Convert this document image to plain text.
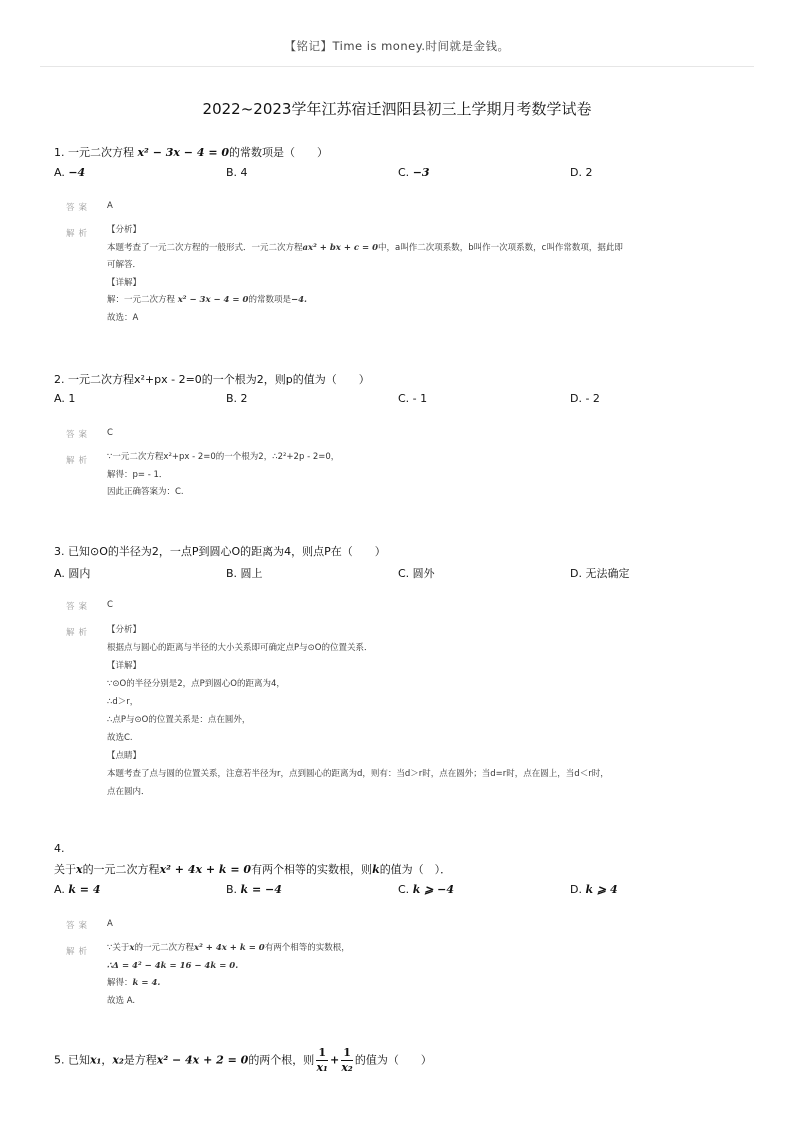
【铭记】Time is money.时间就是金钱。
2022~2023学年江苏宿迁泗阳县初三上学期月考数学试卷
1. 一元二次方程 x² − 3x − 4 = 0的常数项是（　　）
A. −4	B. 4	C. −3	D. 2
答案 A
解析 【分析】
本题考查了一元二次方程的一般形式．一元二次方程ax² + bx + c = 0中，a叫作二次项系数，b叫作一次项系数，c叫作常数项，据此即
可解答．
【详解】
解：一元二次方程 x² − 3x − 4 = 0的常数项是−4.
故选：A
2. 一元二次方程x²+px - 2=0的一个根为2，则p的值为（　　）
A. 1	B. 2	C. - 1	D. - 2
答案 C
解析 ∵一元二次方程x²+px - 2=0的一个根为2，∴2²+2p - 2=0，
解得：p= - 1．
因此正确答案为：C.
3. 已知⊙O的半径为2，一点P到圆心O的距离为4，则点P在（　　）
A. 圆内	B. 圆上	C. 圆外	D. 无法确定
答案 C
解析 【分析】
根据点与圆心的距离与半径的大小关系即可确定点P与⊙O的位置关系．
【详解】
∵⊙O的半径分别是2，点P到圆心O的距离为4，
∴d＞r，
∴点P与⊙O的位置关系是：点在圆外，
故选C.
【点睛】
本题考查了点与圆的位置关系，注意若半径为r，点到圆心的距离为d，则有：当d＞r时，点在圆外；当d=r时，点在圆上，当d＜r时，
点在圆内．
4.
关于x的一元二次方程x² + 4x + k = 0有两个相等的实数根，则k的值为（　）．
A. k = 4	B. k = −4	C. k ⩾ −4	D. k ⩾ 4
答案 A
解析 ∵关于x的一元二次方程x² + 4x + k = 0有两个相等的实数根，
∴Δ = 4² − 4k = 16 − 4k = 0.
解得：k = 4.
故选 A.
5. 已知x₁，x₂是方程x² − 4x + 2 = 0的两个根，则 $\frac{1}{\text{x₁}} + \frac{1}{\text{x₂}}$ 的值为（　　）
